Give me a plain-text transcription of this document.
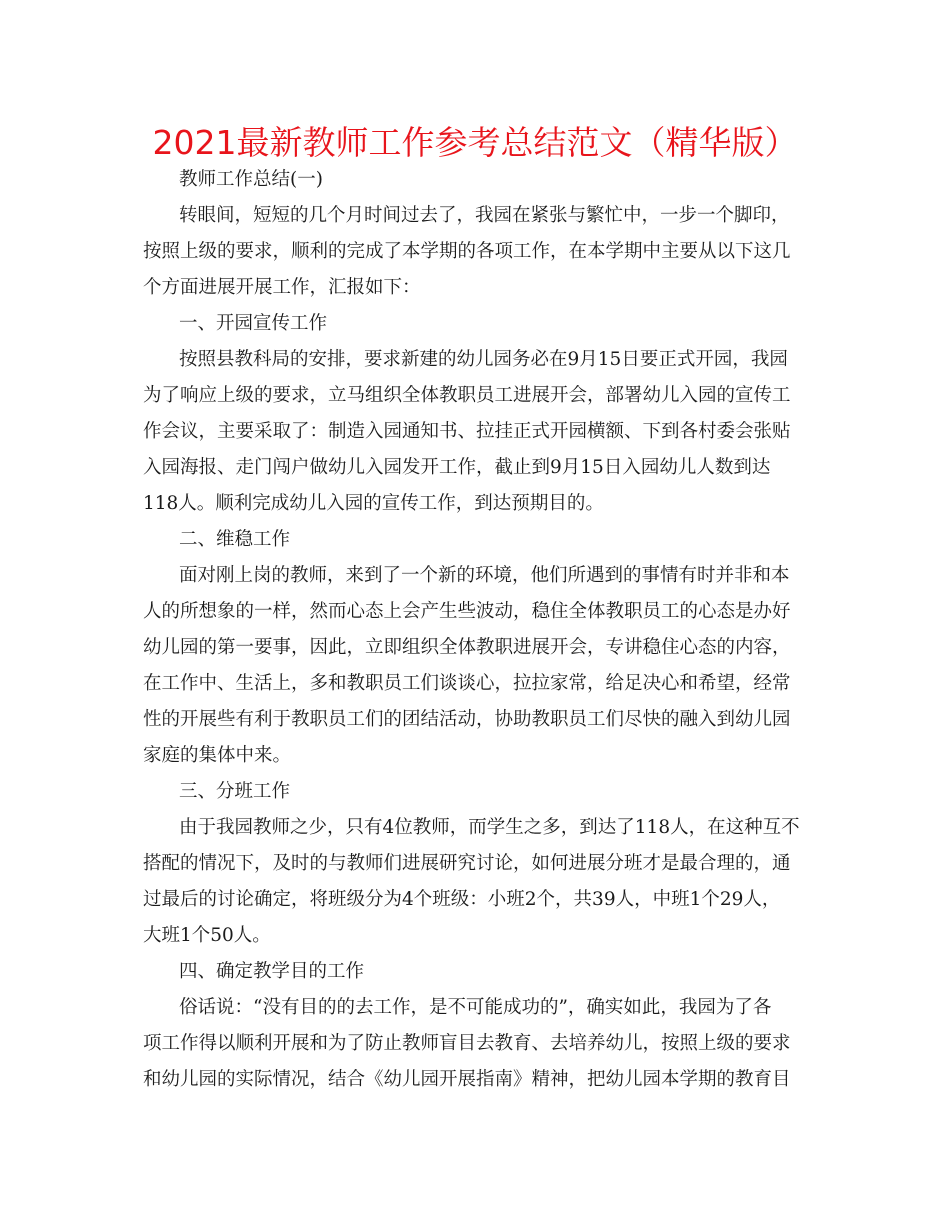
2021最新教师工作参考总结范文（精华版）
教师工作总结(一)
转眼间，短短的几个月时间过去了，我园在紧张与繁忙中，一步一个脚印，
按照上级的要求，顺利的完成了本学期的各项工作，在本学期中主要从以下这几
个方面进展开展工作，汇报如下：
一、开园宣传工作
按照县教科局的安排，要求新建的幼儿园务必在9月15日要正式开园，我园
为了响应上级的要求，立马组织全体教职员工进展开会，部署幼儿入园的宣传工
作会议，主要采取了：制造入园通知书、拉挂正式开园横额、下到各村委会张贴
入园海报、走门闯户做幼儿入园发开工作，截止到9月15日入园幼儿人数到达
118人。顺利完成幼儿入园的宣传工作，到达预期目的。
二、维稳工作
面对刚上岗的教师，来到了一个新的环境，他们所遇到的事情有时并非和本
人的所想象的一样，然而心态上会产生些波动，稳住全体教职员工的心态是办好
幼儿园的第一要事，因此，立即组织全体教职进展开会，专讲稳住心态的内容，
在工作中、生活上，多和教职员工们谈谈心，拉拉家常，给足决心和希望，经常
性的开展些有利于教职员工们的团结活动，协助教职员工们尽快的融入到幼儿园
家庭的集体中来。
三、分班工作
由于我园教师之少，只有4位教师，而学生之多，到达了118人，在这种互不
搭配的情况下，及时的与教师们进展研究讨论，如何进展分班才是最合理的，通
过最后的讨论确定，将班级分为4个班级：小班2个，共39人，中班1个29人，
大班1个50人。
四、确定教学目的工作
俗话说：“没有目的的去工作，是不可能成功的”，确实如此，我园为了各
项工作得以顺利开展和为了防止教师盲目去教育、去培养幼儿，按照上级的要求
和幼儿园的实际情况，结合《幼儿园开展指南》精神，把幼儿园本学期的教育目
